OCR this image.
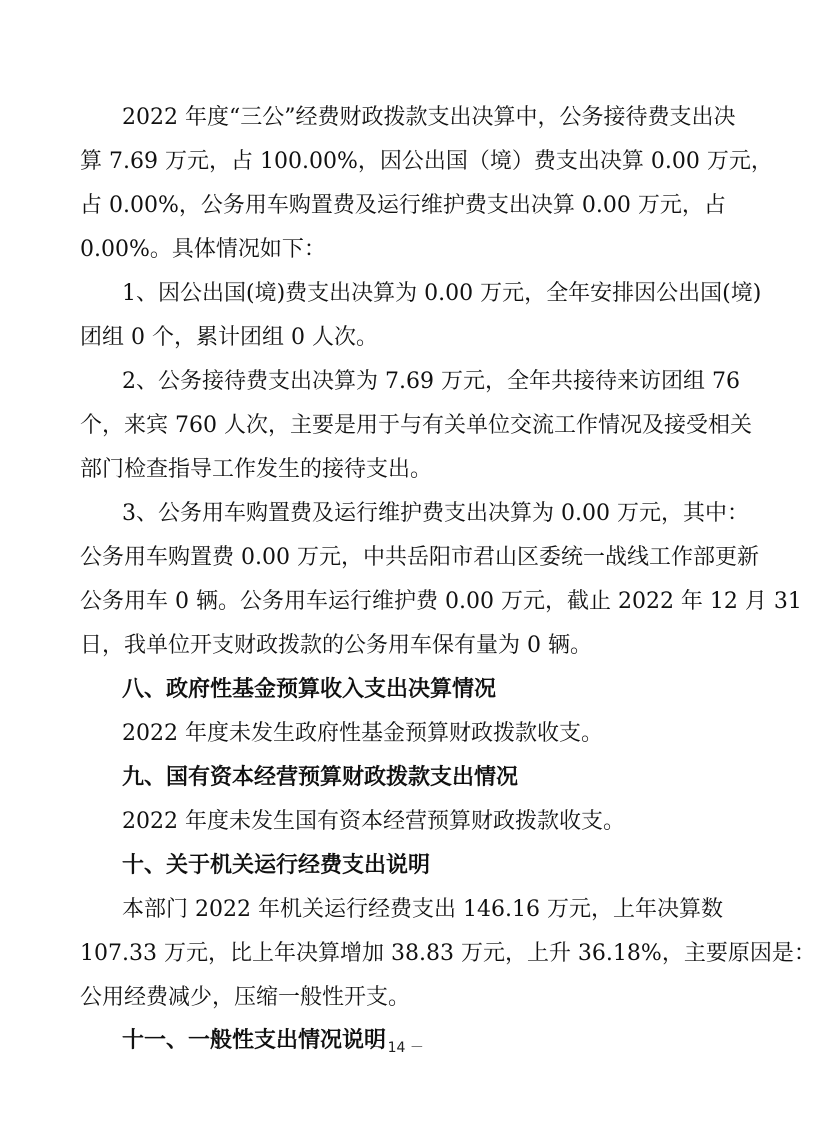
2022 年度“三公”经费财政拨款支出决算中，公务接待费支出决
算 7.69 万元，占 100.00%，因公出国（境）费支出决算 0.00 万元，
占 0.00%，公务用车购置费及运行维护费支出决算 0.00 万元，占
0.00%。具体情况如下：
1、因公出国(境)费支出决算为 0.00 万元，全年安排因公出国(境)
团组 0 个，累计团组 0 人次。
2、公务接待费支出决算为 7.69 万元，全年共接待来访团组 76
个，来宾 760 人次，主要是用于与有关单位交流工作情况及接受相关
部门检查指导工作发生的接待支出。
3、公务用车购置费及运行维护费支出决算为 0.00 万元，其中：
公务用车购置费 0.00 万元，中共岳阳市君山区委统一战线工作部更新
公务用车 0 辆。公务用车运行维护费 0.00 万元，截止 2022 年 12 月 31
日，我单位开支财政拨款的公务用车保有量为 0 辆。
八、政府性基金预算收入支出决算情况
2022 年度未发生政府性基金预算财政拨款收支。
九、国有资本经营预算财政拨款支出情况
2022 年度未发生国有资本经营预算财政拨款收支。
十、关于机关运行经费支出说明
本部门 2022 年机关运行经费支出 146.16 万元，上年决算数
107.33 万元，比上年决算增加 38.83 万元，上升 36.18%，主要原因是：
公用经费减少，压缩一般性开支。
十一、一般性支出情况说明
－ 14 －
